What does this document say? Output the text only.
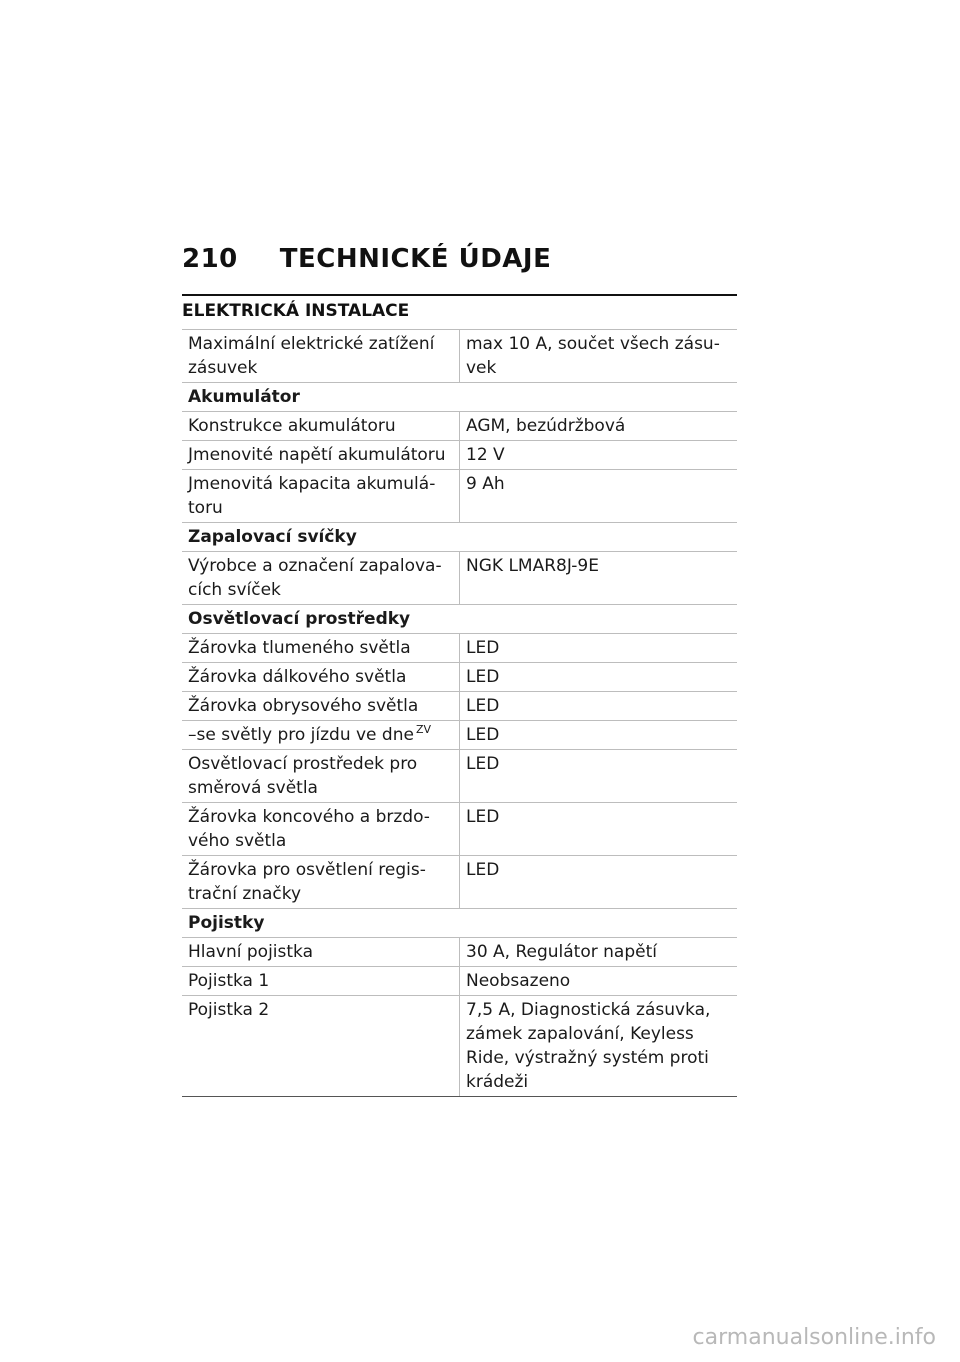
210 TECHNICKÉ ÚDAJE
ELEKTRICKÁ INSTALACE
Maximální elektrické zatížení zásuvek	max 10 A, součet všech zásu-vek
Akumulátor	
Konstrukce akumulátoru	AGM, bezúdržbová
Jmenovité napětí akumulátoru	12 V
Jmenovitá kapacita akumulá-toru	9 Ah
Zapalovací svíčky	
Výrobce a označení zapalova-cích svíček	NGK LMAR8J-9E
Osvětlovací prostředky	
Žárovka tlumeného světla	LED
Žárovka dálkového světla	LED
Žárovka obrysového světla	LED
–se světly pro jízdu ve dne $^{ZV}$	LED
Osvětlovací prostředek pro směrová světla	LED
Žárovka koncového a brzdo-vého světla	LED
Žárovka pro osvětlení regis-trační značky	LED
Pojistky	
Hlavní pojistka	30 A, Regulátor napětí
Pojistka 1	Neobsazeno
Pojistka 2	7,5 A, Diagnostická zásuvka, zámek zapalování, Keyless Ride, výstražný systém proti krádeži
carmanualsonline.info
